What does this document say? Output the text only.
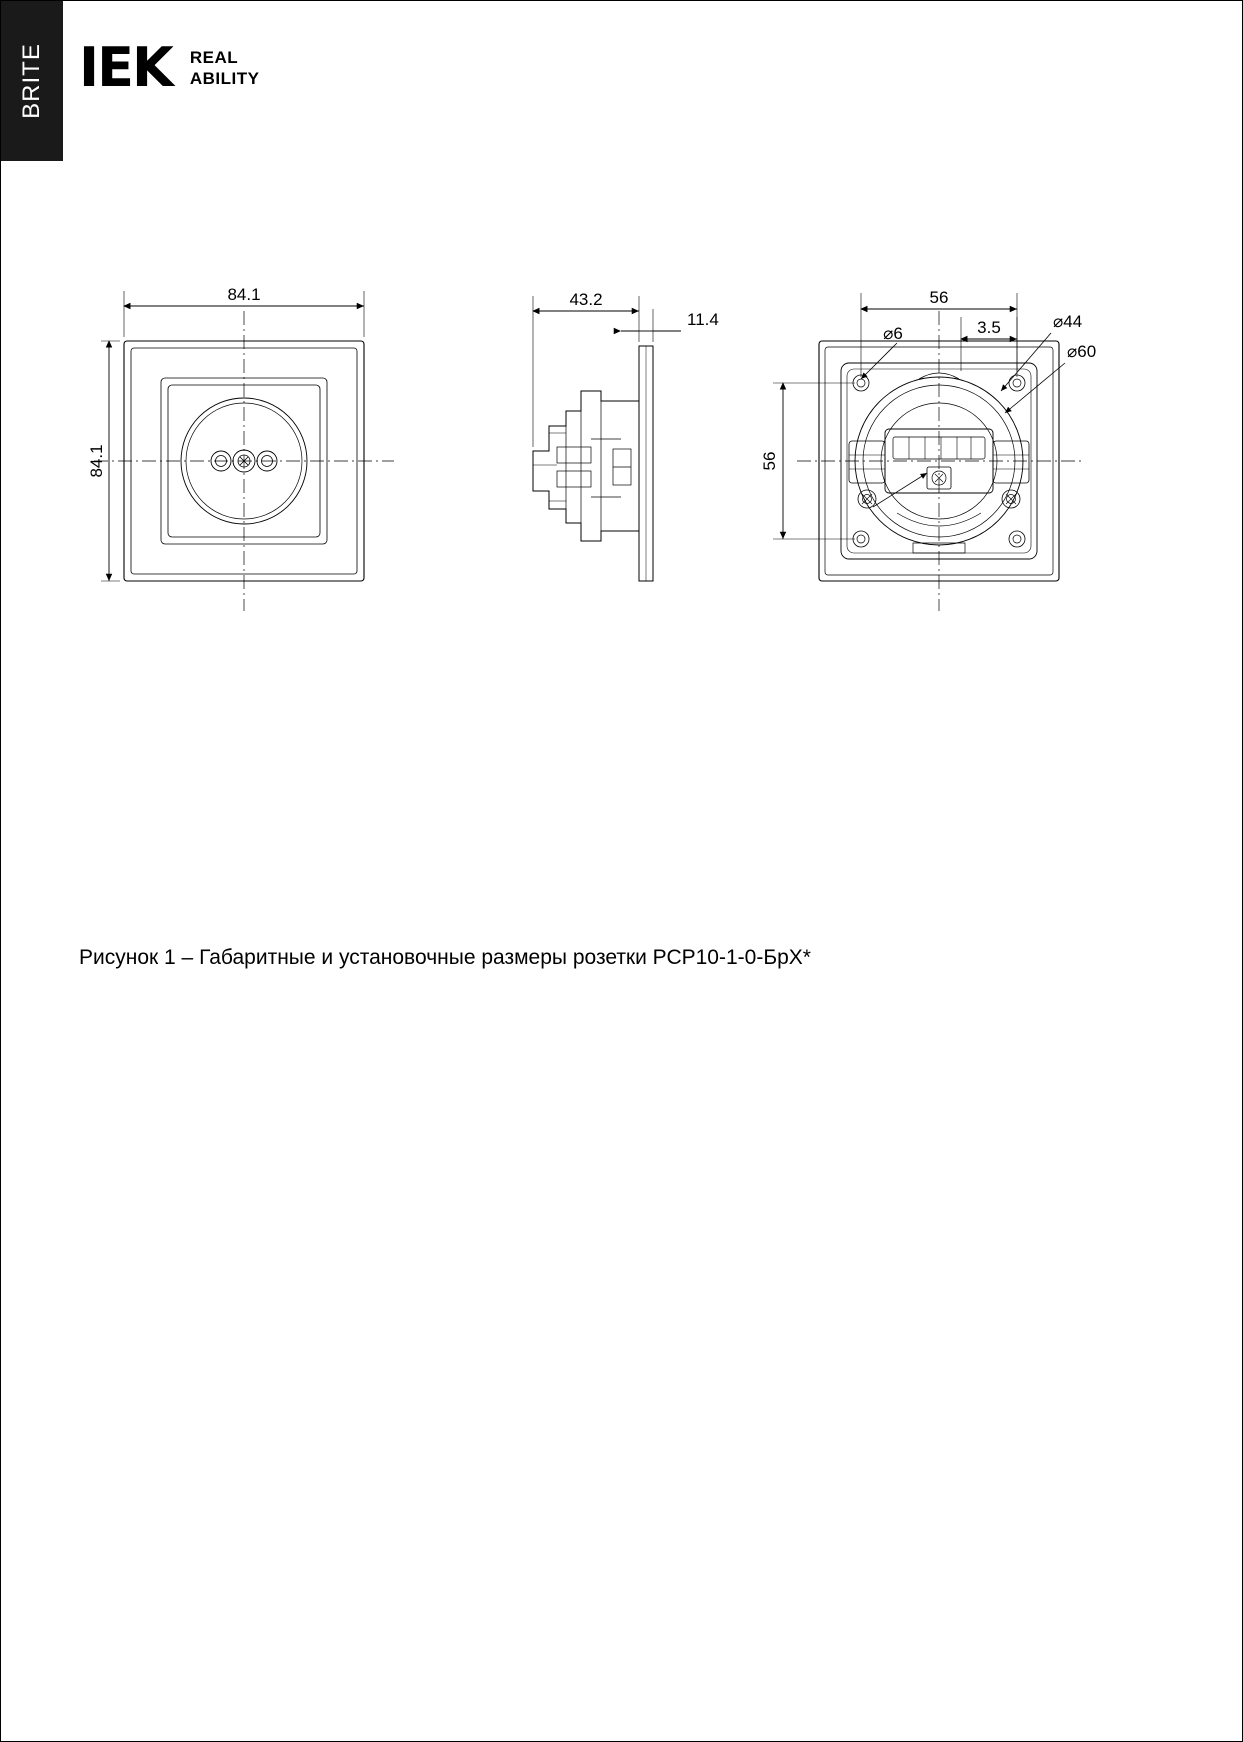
BRITE IEK REAL
ABILITY
84.1
84.1
43.2
11.4
56
56
3.5
⌀6
⌀44
⌀60
Рисунок 1 – Габаритные и установочные размеры розетки РСР10-1-0-БрХ*
